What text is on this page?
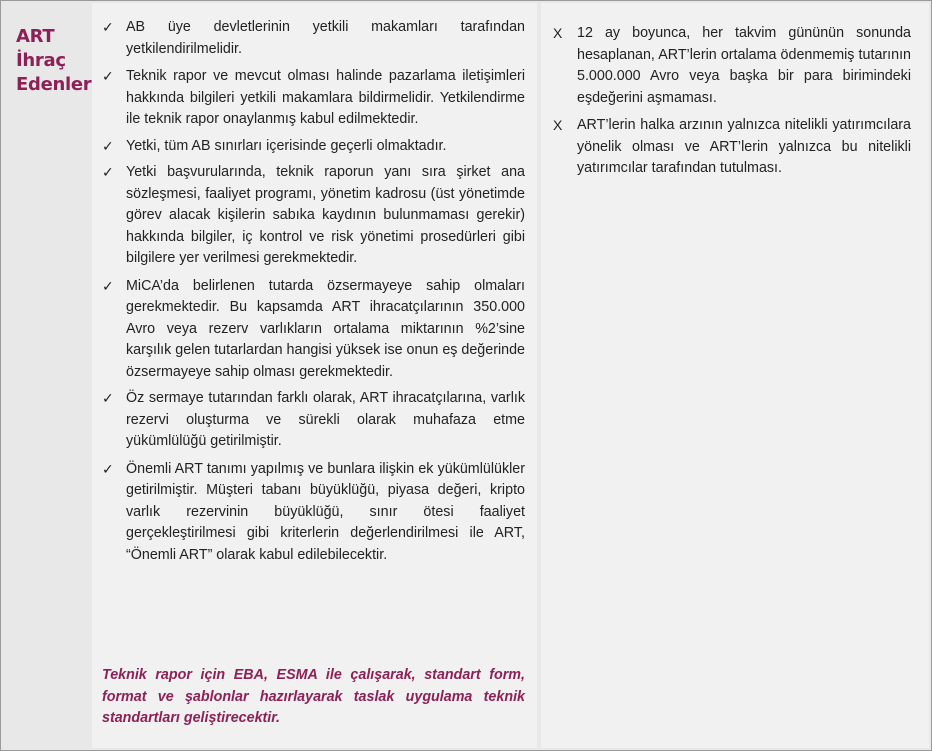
ART
İhraç
Edenler
✓ AB üye devletlerinin yetkili makamları tarafından yetkilendirilmelidir.
✓ Teknik rapor ve mevcut olması halinde pazarlama iletişimleri hakkında bilgileri yetkili makamlara bildirmelidir. Yetkilendirme ile teknik rapor onaylanmış kabul edilmektedir.
✓ Yetki, tüm AB sınırları içerisinde geçerli olmaktadır.
✓ Yetki başvurularında, teknik raporun yanı sıra şirket ana sözleşmesi, faaliyet programı, yönetim kadrosu (üst yönetimde görev alacak kişilerin sabıka kaydının bulunmaması gerekir) hakkında bilgiler, iç kontrol ve risk yönetimi prosedürleri gibi bilgilere yer verilmesi gerekmektedir.
✓ MiCA’da belirlenen tutarda özsermayeye sahip olmaları gerekmektedir. Bu kapsamda ART ihracatçılarının 350.000 Avro veya rezerv varlıkların ortalama miktarının %2’sine karşılık gelen tutarlardan hangisi yüksek ise onun eş değerinde özsermayeye sahip olması gerekmektedir.
✓ Öz sermaye tutarından farklı olarak, ART ihracatçılarına, varlık rezervi oluşturma ve sürekli olarak muhafaza etme yükümlülüğü getirilmiştir.
✓ Önemli ART tanımı yapılmış ve bunlara ilişkin ek yükümlülükler getirilmiştir. Müşteri tabanı büyüklüğü, piyasa değeri, kripto varlık rezervinin büyüklüğü, sınır ötesi faaliyet gerçekleştirilmesi gibi kriterlerin değerlendirilmesi ile ART, “Önemli ART” olarak kabul edilebilecektir.

Teknik rapor için EBA, ESMA ile çalışarak, standart form, format ve şablonlar hazırlayarak taslak uygulama teknik standartları geliştirecektir.

X 12 ay boyunca, her takvim gününün sonunda hesaplanan, ART’lerin ortalama ödenmemiş tutarının 5.000.000 Avro veya başka bir para birimindeki eşdeğerini aşmaması.
X ART’lerin halka arzının yalnızca nitelikli yatırımcılara yönelik olması ve ART’lerin yalnızca bu nitelikli yatırımcılar tarafından tutulması.
